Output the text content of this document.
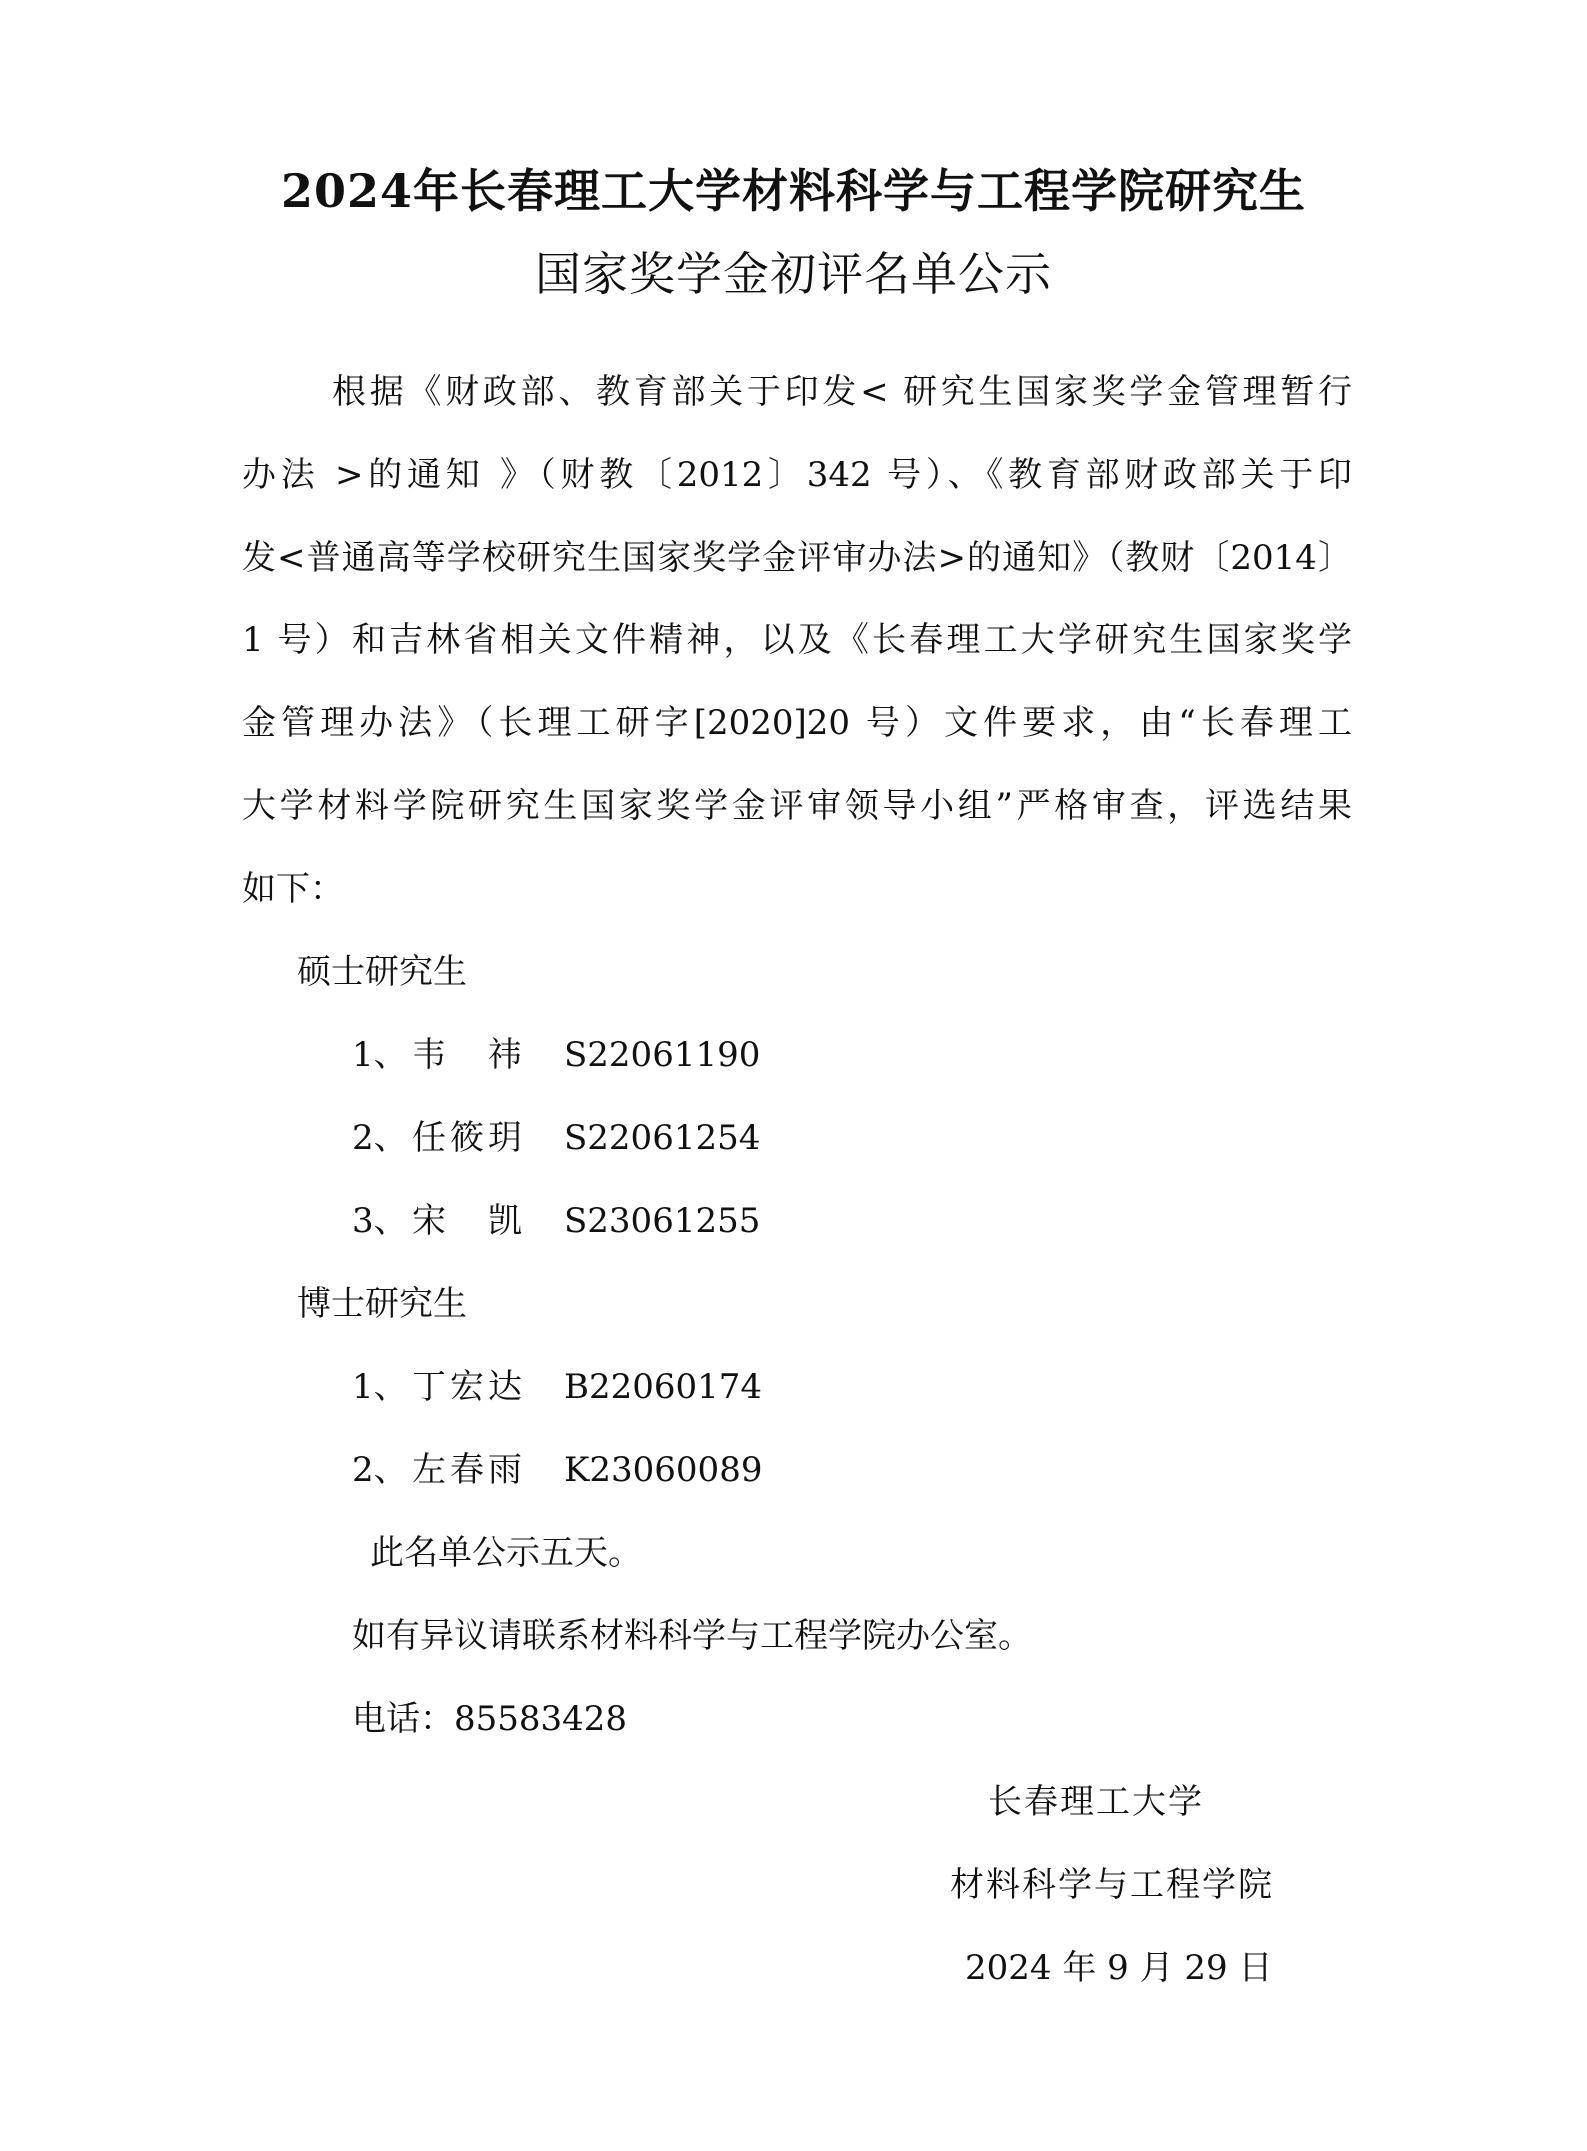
2024年长春理工大学材料科学与工程学院研究生
国家奖学金初评名单公示
根据《财政部、教育部关于印发< 研究生国家奖学金管理暂行
办法 >的通知 》（财教〔2012〕342 号）、《教育部财政部关于印
发<普通高等学校研究生国家奖学金评审办法>的通知》（教财〔2014〕
1 号）和吉林省相关文件精神，以及《长春理工大学研究生国家奖学
金管理办法》（长理工研字[2020]20 号）文件要求，由“长春理工
大学材料学院研究生国家奖学金评审领导小组”严格审查，评选结果
如下：
硕士研究生
1、 韦　祎 S22061190
2、 任筱玥 S22061254
3、 宋　凯 S23061255
博士研究生
1、 丁宏达 B22060174
2、 左春雨 K23060089
此名单公示五天。
如有异议请联系材料科学与工程学院办公室。
电话：85583428
长春理工大学
材料科学与工程学院
2024 年 9 月 29 日
